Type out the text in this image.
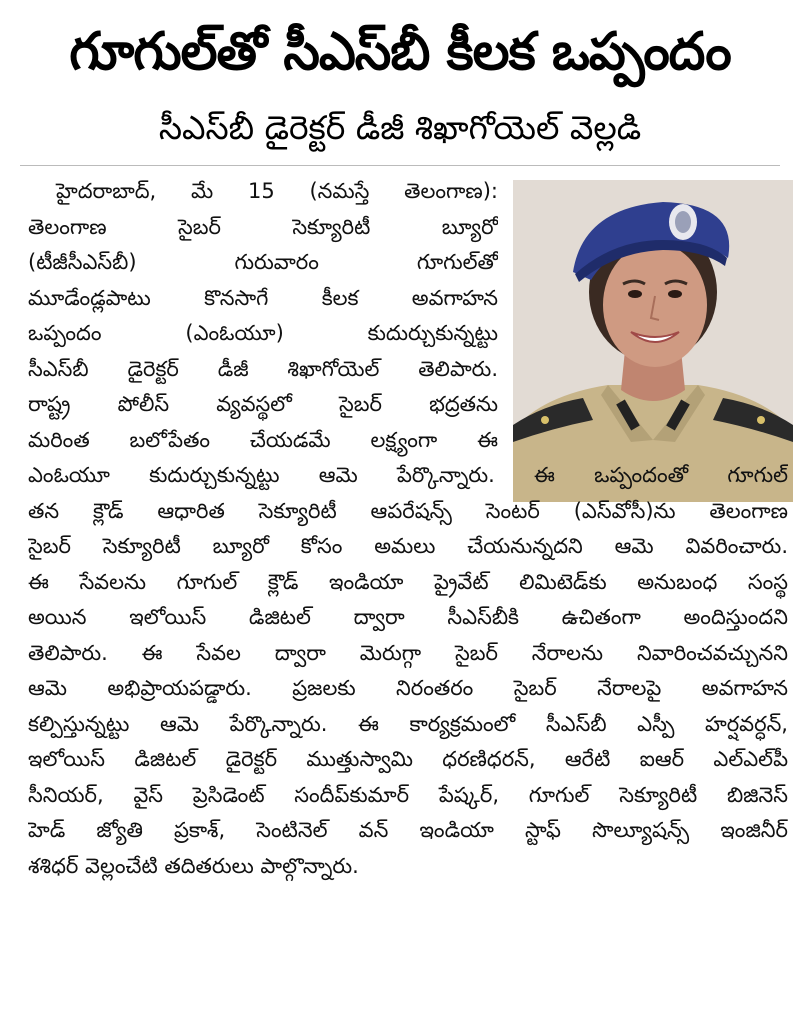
గూగుల్‌తో సీఎస్‌బీ కీలక ఒప్పందం
సీఎస్‌బీ డైరెక్టర్‌ డీజీ శిఖాగోయెల్‌ వెల్లడి
హైదరాబాద్‌, మే 15 (నమస్తే తెలంగాణ):
తెలంగాణ సైబర్‌ సెక్యూరిటీ బ్యూరో
(టీజీసీఎస్‌బీ) గురువారం గూగుల్‌తో
మూడేండ్లపాటు కొనసాగే కీలక అవగాహన
ఒప్పందం (ఎంఓయూ) కుదుర్చుకున్నట్టు
సీఎస్‌బీ డైరెక్టర్‌ డీజీ శిఖాగోయెల్‌ తెలిపారు.
రాష్ట్ర పోలీస్‌ వ్యవస్థలో సైబర్‌ భద్రతను
మరింత బలోపేతం చేయడమే లక్ష్యంగా ఈ
ఎంఓయూ కుదుర్చుకున్నట్టు ఆమె పేర్కొన్నారు. ఈ ఒప్పందంతో గూగుల్‌
తన క్లౌడ్‌ ఆధారిత సెక్యూరిటీ ఆపరేషన్స్‌ సెంటర్‌ (ఎస్‌వోసీ)ను తెలంగాణ
సైబర్‌ సెక్యూరిటీ బ్యూరో కోసం అమలు చేయనున్నదని ఆమె వివరించారు.
ఈ సేవలను గూగుల్‌ క్లౌడ్‌ ఇండియా ప్రైవేట్‌ లిమిటెడ్‌కు అనుబంధ సంస్థ
అయిన ఇలోయిస్‌ డిజిటల్‌ ద్వారా సీఎస్‌బీకి ఉచితంగా అందిస్తుందని
తెలిపారు. ఈ సేవల ద్వారా మెరుగ్గా సైబర్‌ నేరాలను నివారించవచ్చునని
ఆమె అభిప్రాయపడ్డారు. ప్రజలకు నిరంతరం సైబర్‌ నేరాలపై అవగాహన
కల్పిస్తున్నట్టు ఆమె పేర్కొన్నారు. ఈ కార్యక్రమంలో సీఎస్‌బీ ఎస్పీ హర్షవర్ధన్‌,
ఇలోయిస్‌ డిజిటల్‌ డైరెక్టర్‌ ముత్తుస్వామి ధరణిధరన్‌, ఆరేటి ఐఆర్‌ ఎల్‌ఎల్‌పీ
సీనియర్‌, వైస్‌ ప్రెసిడెంట్‌ సందీప్‌కుమార్‌ పేష్కర్‌, గూగుల్‌ సెక్యూరిటీ బిజినెస్‌
హెడ్‌ జ్యోతి ప్రకాశ్‌, సెంటినెల్‌ వన్‌ ఇండియా స్టాఫ్‌ సొల్యూషన్స్‌ ఇంజినీర్‌
శశిధర్‌ వెల్లంచేటి తదితరులు పాల్గొన్నారు.
